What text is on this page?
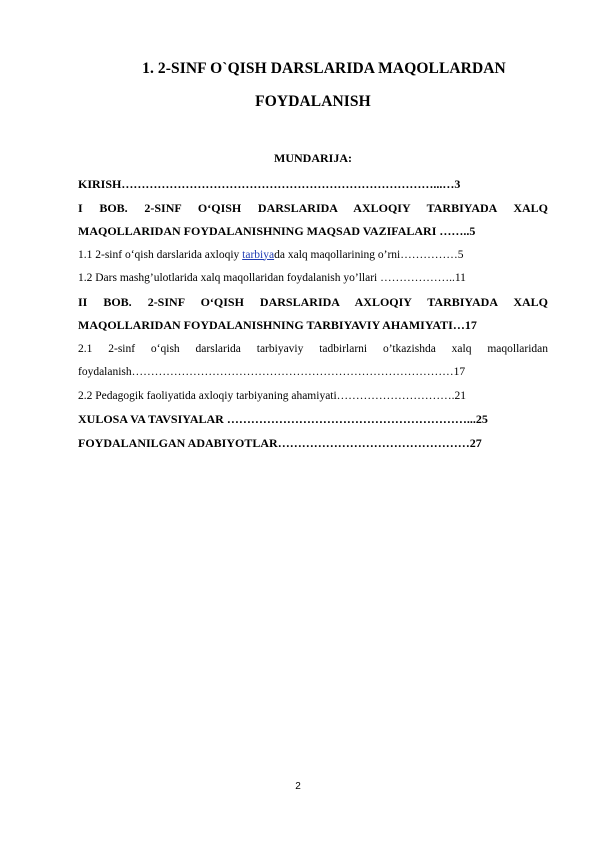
1. 2-SINF O`QISH DARSLARIDA MAQOLLARDAN
FOYDALANISH
MUNDARIJA:
KIRISH……………………………………………………………………...…3
I BOB. 2-SINF O‘QISH DARSLARIDA AXLOQIY TARBIYADA XALQ
MAQOLLARIDAN FOYDALANISHNING MAQSAD VAZIFALARI ……..5
1.1 2-sinf o‘qish darslarida axloqiy tarbiyada xalq maqollarining o’rni……………5
1.2 Dars mashg’ulotlarida xalq maqollaridan foydalanish yo’llari ………………..11
II BOB. 2-SINF O‘QISH DARSLARIDA AXLOQIY TARBIYADA XALQ
MAQOLLARIDAN FOYDALANISHNING TARBIYAVIY AHAMIYATI…17
2.1 2-sinf o‘qish darslarida tarbiyaviy tadbirlarni o’tkazishda xalq maqollaridan
foydalanish…………………………………………………………………………17
2.2 Pedagogik faoliyatida axloqiy tarbiyaning ahamiyati………………………….21
XULOSA VA TAVSIYALAR ……………………………………………………...25
FOYDALANILGAN ADABIYOTLAR…………………………………………27
2
